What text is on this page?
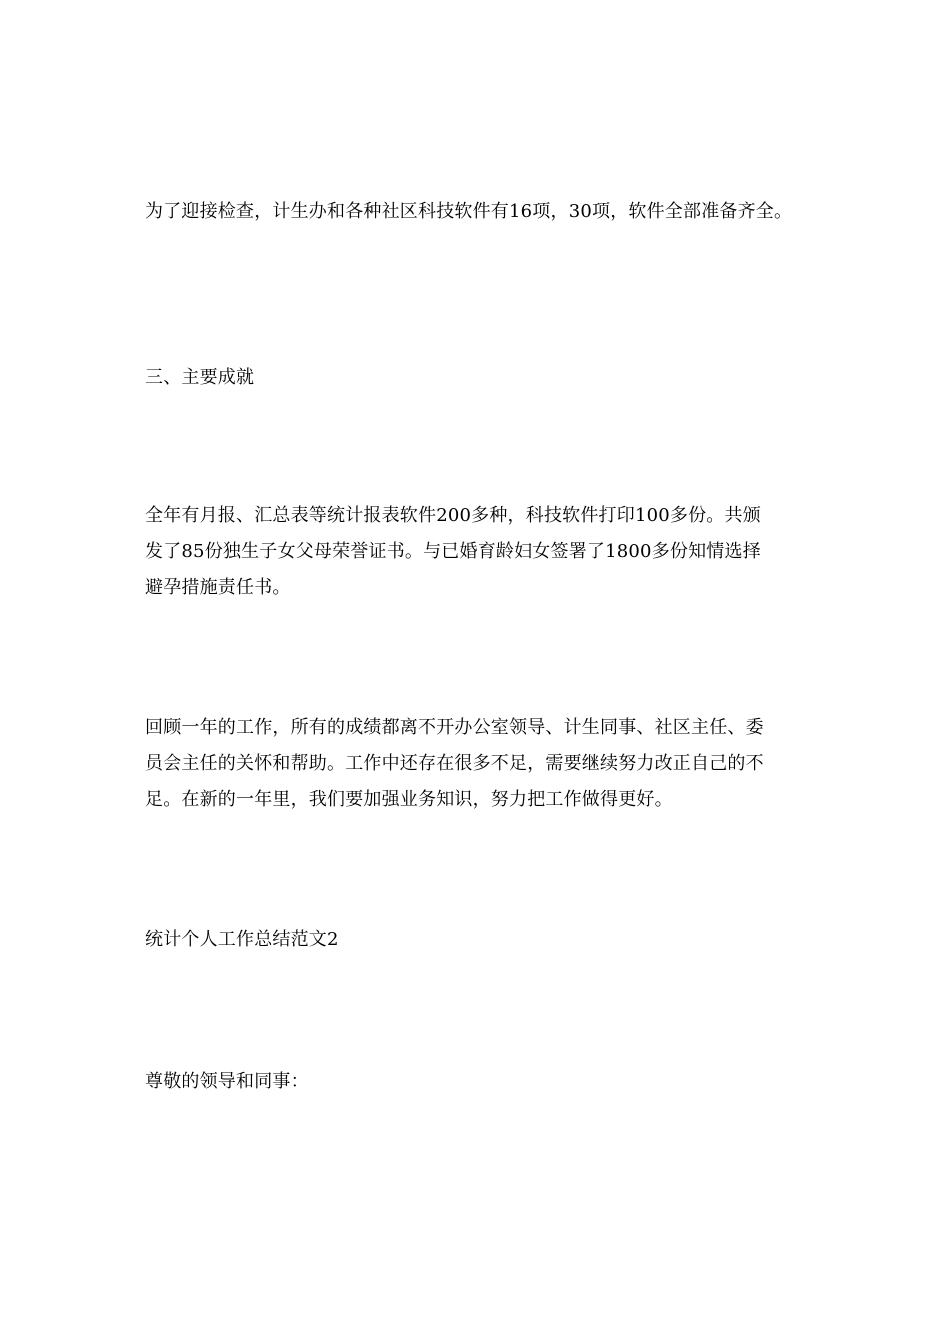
为了迎接检查，计生办和各种社区科技软件有16项，30项，软件全部准备齐全。

三、主要成就

全年有月报、汇总表等统计报表软件200多种，科技软件打印100多份。共颁
发了85份独生子女父母荣誉证书。与已婚育龄妇女签署了1800多份知情选择
避孕措施责任书。

回顾一年的工作，所有的成绩都离不开办公室领导、计生同事、社区主任、委
员会主任的关怀和帮助。工作中还存在很多不足，需要继续努力改正自己的不
足。在新的一年里，我们要加强业务知识，努力把工作做得更好。

统计个人工作总结范文2

尊敬的领导和同事：
